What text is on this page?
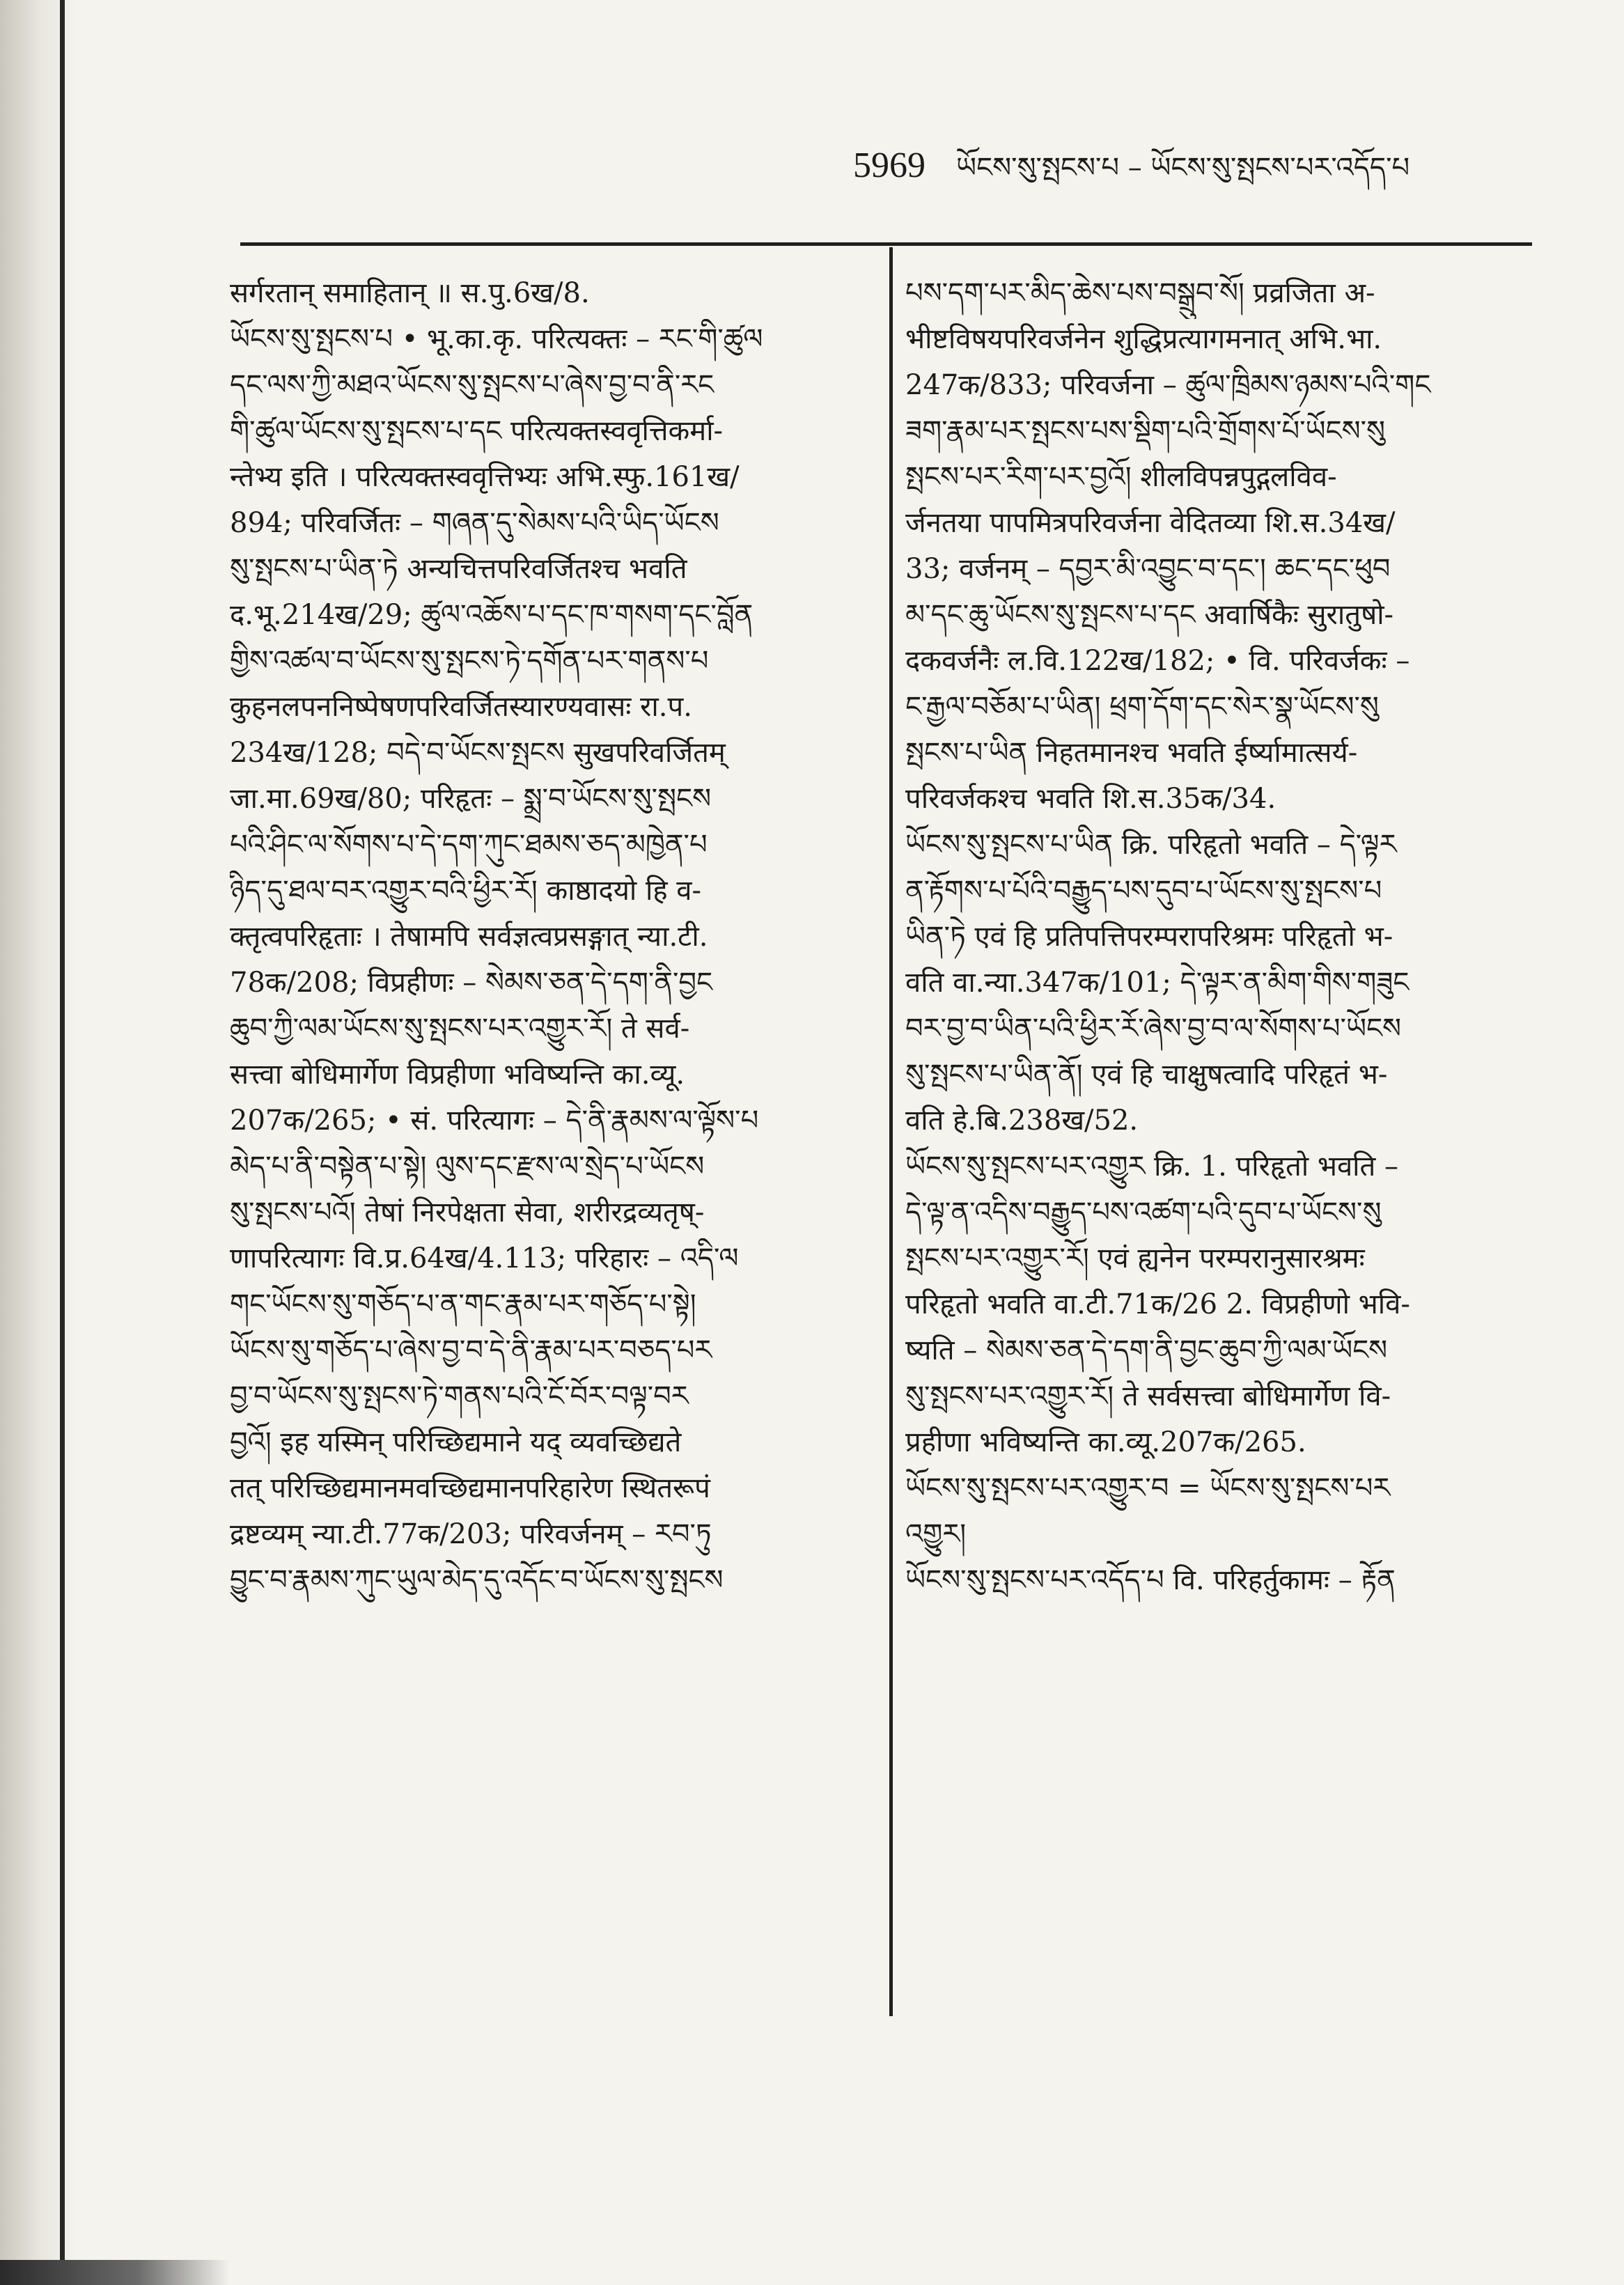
5969 ཡོངས་སུ་སྤངས་པ – ཡོངས་སུ་སྤངས་པར་འདོད་པ
सर्गरतान् समाहितान् ॥ स.पु.6ख/8.
ཡོངས་སུ་སྤངས་པ • भू.का.कृ. परित्यक्तः – རང་གི་ཚུལ
དང་ལས་ཀྱི་མཐའ་ཡོངས་སུ་སྤངས་པ་ཞེས་བྱ་བ་ནི་རང
གི་ཚུལ་ཡོངས་སུ་སྤངས་པ་དང परित्यक्तस्ववृत्तिकर्मा-
न्तेभ्य इति । परित्यक्तस्ववृत्तिभ्यः अभि.स्फु.161ख/
894; परिवर्जितः – གཞན་དུ་སེམས་པའི་ཡིད་ཡོངས
སུ་སྤངས་པ་ཡིན་ཏེ अन्यचित्तपरिवर्जितश्च भवति
द.भू.214ख/29; ཚུལ་འཆོས་པ་དང་ཁ་གསག་དང་བློན
གྱིས་འཚལ་བ་ཡོངས་སུ་སྤངས་ཏེ་དགོན་པར་གནས་པ
कुहनलपननिष्पेषणपरिवर्जितस्यारण्यवासः रा.प.
234ख/128; བདེ་བ་ཡོངས་སྤངས सुखपरिवर्जितम्
जा.मा.69ख/80; परिहृतः – སྨྲ་བ་ཡོངས་སུ་སྤངས
པའི་ཤིང་ལ་སོགས་པ་དེ་དག་ཀུང་ཐམས་ཅད་མཁྱེན་པ
ཉིད་དུ་ཐལ་བར་འགྱུར་བའི་ཕྱིར་རོ། काष्ठादयो हि व-
क्तृत्वपरिहृताः । तेषामपि सर्वज्ञत्वप्रसङ्गात् न्या.टी.
78क/208; विप्रहीणः – སེམས་ཅན་དེ་དག་ནི་བྱང
ཆུབ་ཀྱི་ལམ་ཡོངས་སུ་སྤངས་པར་འགྱུར་རོ། ते सर्व-
सत्त्वा बोधिमार्गेण विप्रहीणा भविष्यन्ति का.व्यू.
207क/265; • सं. परित्यागः – དེ་ནི་རྣམས་ལ་ལྟོས་པ
མེད་པ་ནི་བསྟེན་པ་སྟེ། ལུས་དང་རྫས་ལ་སྲེད་པ་ཡོངས
སུ་སྤངས་པའོ། तेषां निरपेक्षता सेवा, शरीरद्रव्यतृष्-
णापरित्यागः वि.प्र.64ख/4.113; परिहारः – འདི་ལ
གང་ཡོངས་སུ་གཅོད་པ་ན་གང་རྣམ་པར་གཅོད་པ་སྟེ།
ཡོངས་སུ་གཅོད་པ་ཞེས་བྱ་བ་དེ་ནི་རྣམ་པར་བཅད་པར
བྱ་བ་ཡོངས་སུ་སྤངས་ཏེ་གནས་པའི་ངོ་བོར་བལྟ་བར
བྱའོ། इह यस्मिन् परिच्छिद्यमाने यद् व्यवच्छिद्यते
तत् परिच्छिद्यमानमवच्छिद्यमानपरिहारेण स्थितरूपं
द्रष्टव्यम् न्या.टी.77क/203; परिवर्जनम् – རབ་ཏུ
བྱུང་བ་རྣམས་ཀུང་ཡུལ་མེད་དུ་འདོང་བ་ཡོངས་སུ་སྤངས
པས་དག་པར་མིད་ཆེས་པས་བསྒྲུབ་སོ། प्रव्रजिता अ-
भीष्टविषयपरिवर्जनेन शुद्धिप्रत्यागमनात् अभि.भा.
247क/833; परिवर्जना – ཚུལ་ཁྲིམས་ཉམས་པའི་གང
ཟག་རྣམ་པར་སྤངས་པས་སྡིག་པའི་གྲོགས་པོ་ཡོངས་སུ
སྤངས་པར་རིག་པར་བྱའོ། शीलविपन्नपुद्गलविव-
र्जनतया पापमित्रपरिवर्जना वेदितव्या शि.स.34ख/
33; वर्जनम् – དབྱར་མི་འབྱུང་བ་དང་། ཆང་དང་ཕུབ
མ་དང་ཆུ་ཡོངས་སུ་སྤངས་པ་དང अवार्षिकैः सुरातुषो-
दकवर्जनैः ल.वि.122ख/182; • वि. परिवर्जकः –
ང་རྒྱལ་བཅོམ་པ་ཡིན། ཕྲག་དོག་དང་སེར་སྣ་ཡོངས་སུ
སྤངས་པ་ཡིན निहतमानश्च भवति ईर्ष्यामात्सर्य-
परिवर्जकश्च भवति शि.स.35क/34.
ཡོངས་སུ་སྤངས་པ་ཡིན क्रि. परिहृतो भवति – དེ་ལྟར
ན་རྟོགས་པ་པོའི་བརྒྱུད་པས་དུབ་པ་ཡོངས་སུ་སྤངས་པ
ཡིན་ཏེ एवं हि प्रतिपत्तिपरम्परापरिश्रमः परिहृतो भ-
वति वा.न्या.347क/101; དེ་ལྟར་ན་མིག་གིས་གཟུང
བར་བྱ་བ་ཡིན་པའི་ཕྱིར་རོ་ཞེས་བྱ་བ་ལ་སོགས་པ་ཡོངས
སུ་སྤངས་པ་ཡིན་ནོ། एवं हि चाक्षुषत्वादि परिहृतं भ-
वति हे.बि.238ख/52.
ཡོངས་སུ་སྤངས་པར་འགྱུར क्रि. 1. परिहृतो भवति –
དེ་ལྟ་ན་འདིས་བརྒྱུད་པས་འཚག་པའི་དུབ་པ་ཡོངས་སུ
སྤངས་པར་འགྱུར་རོ། एवं ह्यनेन परम्परानुसारश्रमः
परिहृतो भवति वा.टी.71क/26 2. विप्रहीणो भवि-
ष्यति – སེམས་ཅན་དེ་དག་ནི་བྱང་ཆུབ་ཀྱི་ལམ་ཡོངས
སུ་སྤངས་པར་འགྱུར་རོ། ते सर्वसत्त्वा बोधिमार्गेण वि-
प्रहीणा भविष्यन्ति का.व्यू.207क/265.
ཡོངས་སུ་སྤངས་པར་འགྱུར་བ = ཡོངས་སུ་སྤངས་པར
འགྱུར།
ཡོངས་སུ་སྤངས་པར་འདོད་པ वि. परिहर्तुकामः – རྟོན
